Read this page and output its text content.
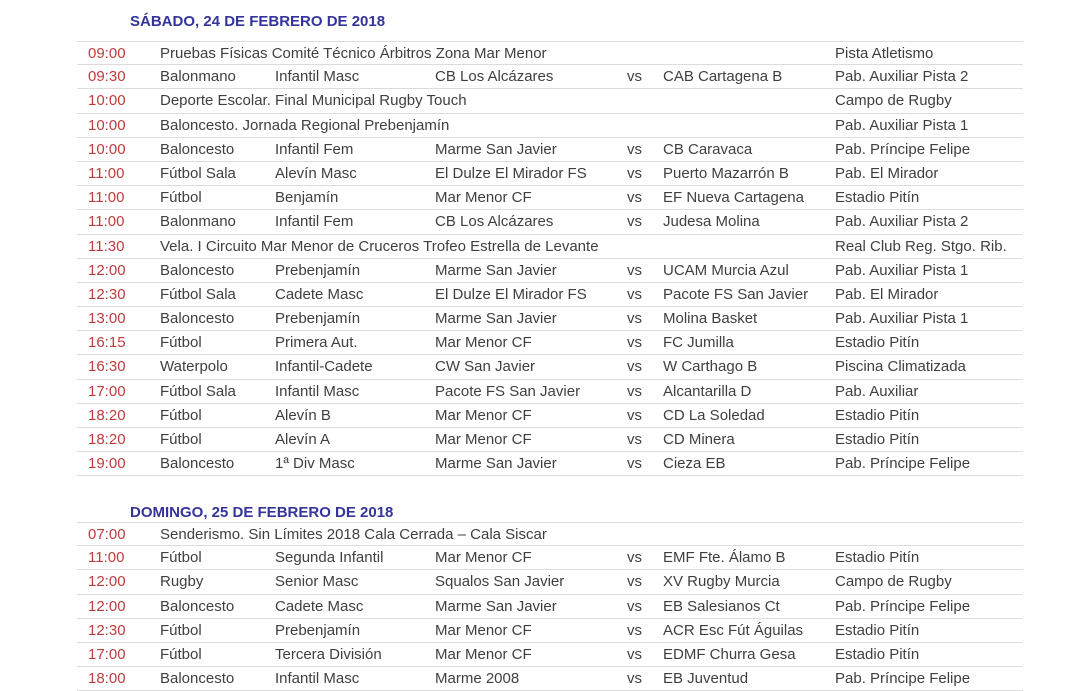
SÁBADO, 24 DE FEBRERO DE 2018
09:00	Pruebas Físicas Comité Técnico Árbitros Zona Mar Menor	Pista Atletismo
09:30	Balonmano	Infantil Masc	CB Los Alcázares	vs	CAB Cartagena B	Pab. Auxiliar Pista 2
10:00	Deporte Escolar. Final Municipal Rugby Touch	Campo de Rugby
10:00	Baloncesto. Jornada Regional Prebenjamín	Pab. Auxiliar Pista 1
10:00	Baloncesto	Infantil Fem	Marme San Javier	vs	CB Caravaca	Pab. Príncipe Felipe
11:00	Fútbol Sala	Alevín Masc	El Dulze El Mirador FS	vs	Puerto Mazarrón B	Pab. El Mirador
11:00	Fútbol	Benjamín	Mar Menor CF	vs	EF Nueva Cartagena	Estadio Pitín
11:00	Balonmano	Infantil Fem	CB Los Alcázares	vs	Judesa Molina	Pab. Auxiliar Pista 2
11:30	Vela. I Circuito Mar Menor de Cruceros Trofeo Estrella de Levante	Real Club Reg. Stgo. Rib.
12:00	Baloncesto	Prebenjamín	Marme San Javier	vs	UCAM Murcia Azul	Pab. Auxiliar Pista 1
12:30	Fútbol Sala	Cadete Masc	El Dulze El Mirador FS	vs	Pacote FS San Javier	Pab. El Mirador
13:00	Baloncesto	Prebenjamín	Marme San Javier	vs	Molina Basket	Pab. Auxiliar Pista 1
16:15	Fútbol	Primera Aut.	Mar Menor CF	vs	FC Jumilla	Estadio Pitín
16:30	Waterpolo	Infantil-Cadete	CW San Javier	vs	W Carthago B	Piscina Climatizada
17:00	Fútbol Sala	Infantil Masc	Pacote FS San Javier	vs	Alcantarilla D	Pab. Auxiliar
18:20	Fútbol	Alevín B	Mar Menor CF	vs	CD La Soledad	Estadio Pitín
18:20	Fútbol	Alevín A	Mar Menor CF	vs	CD Minera	Estadio Pitín
19:00	Baloncesto	1ª Div Masc	Marme San Javier	vs	Cieza EB	Pab. Príncipe Felipe
DOMINGO, 25 DE FEBRERO DE 2018
07:00	Senderismo. Sin Límites 2018 Cala Cerrada – Cala Siscar
11:00	Fútbol	Segunda Infantil	Mar Menor CF	vs	EMF Fte. Álamo B	Estadio Pitín
12:00	Rugby	Senior Masc	Squalos San Javier	vs	XV Rugby Murcia	Campo de Rugby
12:00	Baloncesto	Cadete Masc	Marme San Javier	vs	EB Salesianos Ct	Pab. Príncipe Felipe
12:30	Fútbol	Prebenjamín	Mar Menor CF	vs	ACR Esc Fút Águilas	Estadio Pitín
17:00	Fútbol	Tercera División	Mar Menor CF	vs	EDMF Churra Gesa	Estadio Pitín
18:00	Baloncesto	Infantil Masc	Marme 2008	vs	EB Juventud	Pab. Príncipe Felipe
